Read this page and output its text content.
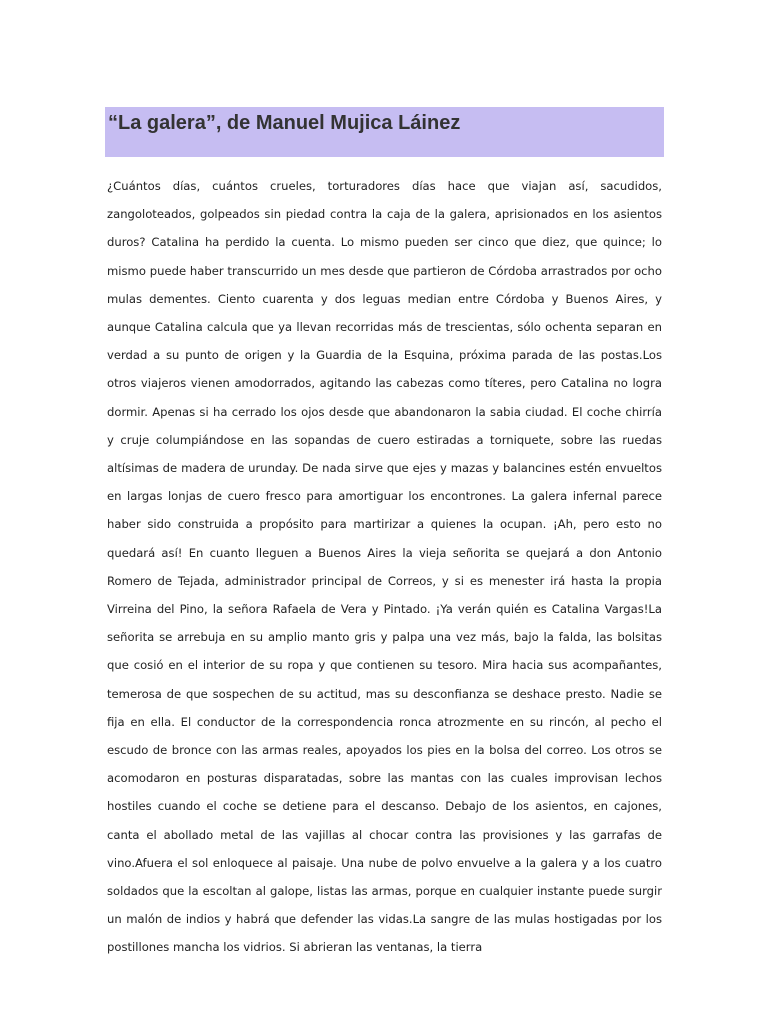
“La galera”, de Manuel Mujica Láinez

¿Cuántos días, cuántos crueles, torturadores días hace que viajan así, sacudidos, zangoloteados, golpeados sin piedad contra la caja de la galera, aprisionados en los asientos duros? Catalina ha perdido la cuenta. Lo mismo pueden ser cinco que diez, que quince; lo mismo puede haber transcurrido un mes desde que partieron de Córdoba arrastrados por ocho mulas dementes. Ciento cuarenta y dos leguas median entre Córdoba y Buenos Aires, y aunque Catalina calcula que ya llevan recorridas más de trescientas, sólo ochenta separan en verdad a su punto de origen y la Guardia de la Esquina, próxima parada de las postas.Los otros viajeros vienen amodorrados, agitando las cabezas como títeres, pero Catalina no logra dormir. Apenas si ha cerrado los ojos desde que abandonaron la sabia ciudad. El coche chirría y cruje columpiándose en las sopandas de cuero estiradas a torniquete, sobre las ruedas altísimas de madera de urunday. De nada sirve que ejes y mazas y balancines estén envueltos en largas lonjas de cuero fresco para amortiguar los encontrones. La galera infernal parece haber sido construida a propósito para martirizar a quienes la ocupan. ¡Ah, pero esto no quedará así! En cuanto lleguen a Buenos Aires la vieja señorita se quejará a don Antonio Romero de Tejada, administrador principal de Correos, y si es menester irá hasta la propia Virreina del Pino, la señora Rafaela de Vera y Pintado. ¡Ya verán quién es Catalina Vargas!La señorita se arrebuja en su amplio manto gris y palpa una vez más, bajo la falda, las bolsitas que cosió en el interior de su ropa y que contienen su tesoro. Mira hacia sus acompañantes, temerosa de que sospechen de su actitud, mas su desconfianza se deshace presto. Nadie se fija en ella. El conductor de la correspondencia ronca atrozmente en su rincón, al pecho el escudo de bronce con las armas reales, apoyados los pies en la bolsa del correo. Los otros se acomodaron en posturas disparatadas, sobre las mantas con las cuales improvisan lechos hostiles cuando el coche se detiene para el descanso. Debajo de los asientos, en cajones, canta el abollado metal de las vajillas al chocar contra las provisiones y las garrafas de vino.Afuera el sol enloquece al paisaje. Una nube de polvo envuelve a la galera y a los cuatro soldados que la escoltan al galope, listas las armas, porque en cualquier instante puede surgir un malón de indios y habrá que defender las vidas.La sangre de las mulas hostigadas por los postillones mancha los vidrios. Si abrieran las ventanas, la tierra
